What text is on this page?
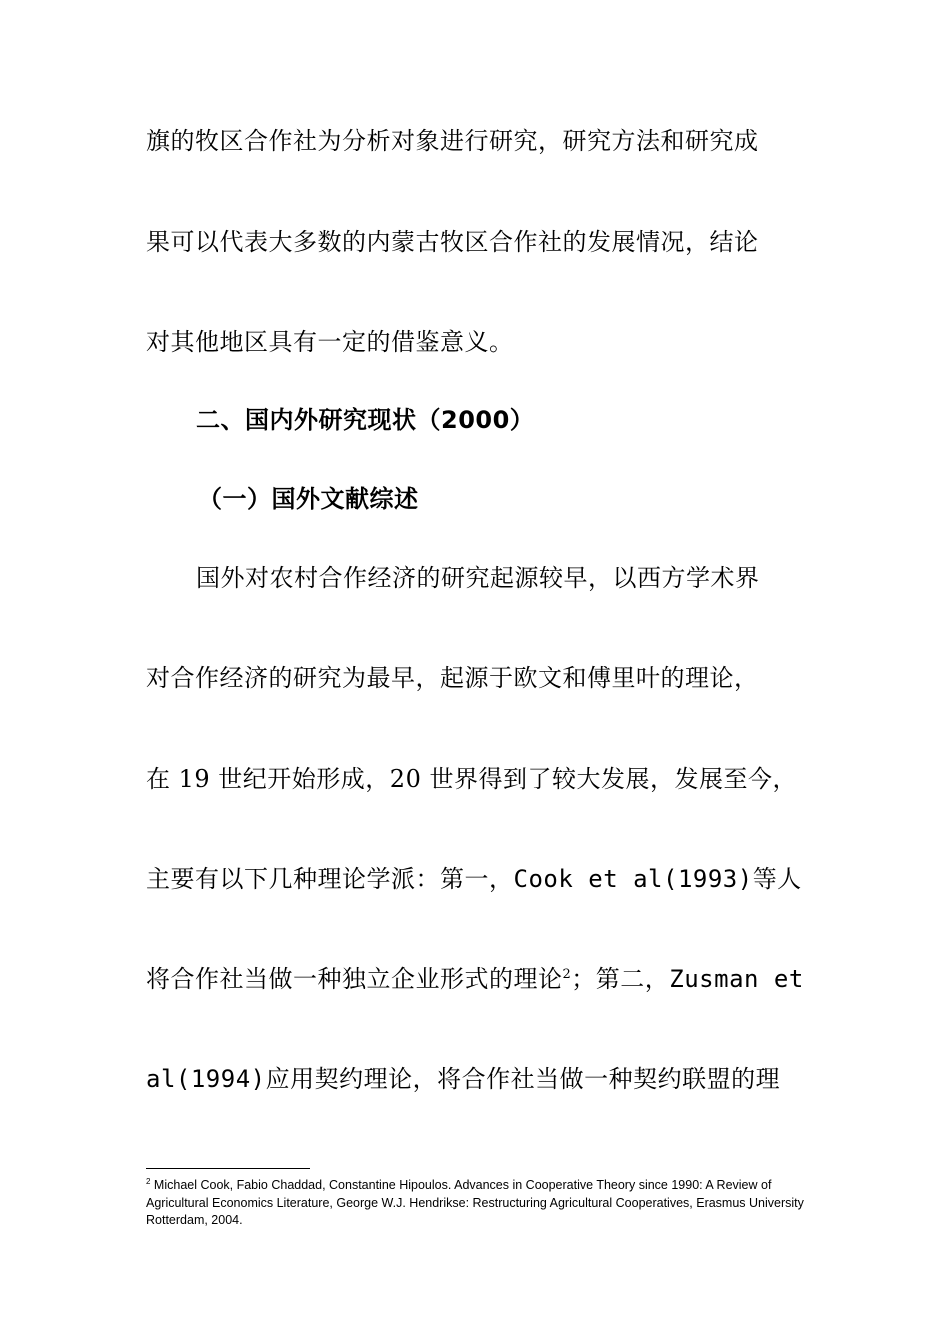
旗的牧区合作社为分析对象进行研究，研究方法和研究成
果可以代表大多数的内蒙古牧区合作社的发展情况，结论
对其他地区具有一定的借鉴意义。
二、国内外研究现状（2000）
（一）国外文献综述
国外对农村合作经济的研究起源较早，以西方学术界
对合作经济的研究为最早，起源于欧文和傅里叶的理论，
在 19 世纪开始形成，20 世界得到了较大发展，发展至今，
主要有以下几种理论学派：第一，Cook et al(1993)等人
将合作社当做一种独立企业形式的理论$^2$；第二，Zusman et
al(1994)应用契约理论，将合作社当做一种契约联盟的理
$^2$ Michael Cook, Fabio Chaddad, Constantine Hipoulos. Advances in Cooperative Theory since 1990: A Review of Agricultural Economics Literature, George W.J. Hendrikse: Restructuring Agricultural Cooperatives, Erasmus University Rotterdam, 2004.
